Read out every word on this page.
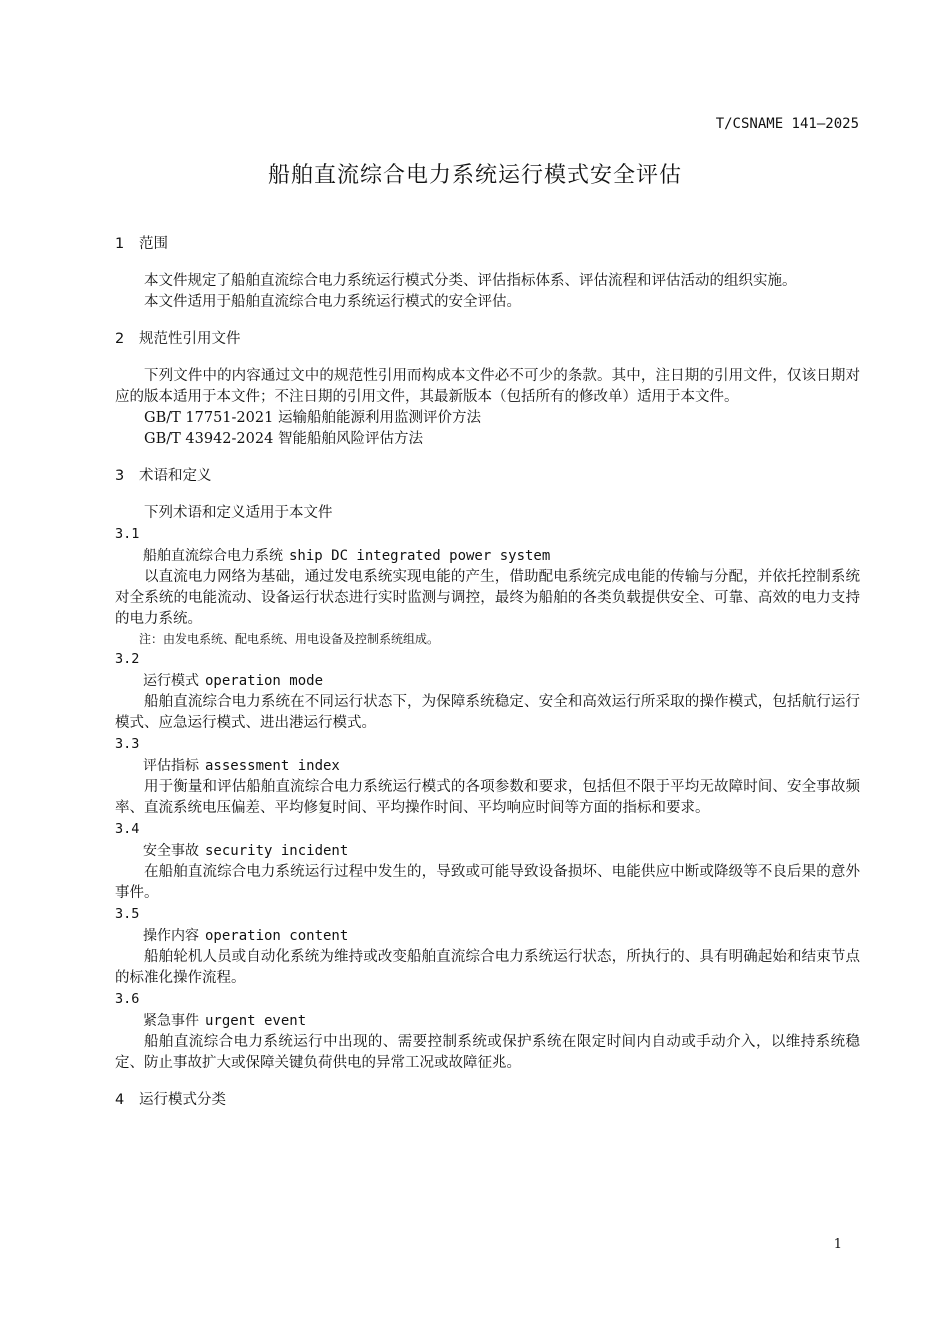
T/CSNAME 141—2025
船舶直流综合电力系统运行模式安全评估

1 范围

本文件规定了船舶直流综合电力系统运行模式分类、评估指标体系、评估流程和评估活动的组织实施。

本文件适用于船舶直流综合电力系统运行模式的安全评估。

2 规范性引用文件

下列文件中的内容通过文中的规范性引用而构成本文件必不可少的条款。其中，注日期的引用文件，仅该日期对应的版本适用于本文件；不注日期的引用文件，其最新版本（包括所有的修改单）适用于本文件。

GB/T 17751-2021 运输船舶能源利用监测评价方法

GB/T 43942-2024 智能船舶风险评估方法

3 术语和定义

下列术语和定义适用于本文件

3.1

船舶直流综合电力系统 ship DC integrated power system

以直流电力网络为基础，通过发电系统实现电能的产生，借助配电系统完成电能的传输与分配，并依托控制系统对全系统的电能流动、设备运行状态进行实时监测与调控，最终为船舶的各类负载提供安全、可靠、高效的电力支持的电力系统。

注：由发电系统、配电系统、用电设备及控制系统组成。

3.2

运行模式 operation mode

船舶直流综合电力系统在不同运行状态下，为保障系统稳定、安全和高效运行所采取的操作模式，包括航行运行模式、应急运行模式、进出港运行模式。

3.3

评估指标 assessment index

用于衡量和评估船舶直流综合电力系统运行模式的各项参数和要求，包括但不限于平均无故障时间、安全事故频率、直流系统电压偏差、平均修复时间、平均操作时间、平均响应时间等方面的指标和要求。

3.4

安全事故 security incident

在船舶直流综合电力系统运行过程中发生的，导致或可能导致设备损坏、电能供应中断或降级等不良后果的意外事件。

3.5

操作内容 operation content

船舶轮机人员或自动化系统为维持或改变船舶直流综合电力系统运行状态，所执行的、具有明确起始和结束节点的标准化操作流程。

3.6

紧急事件 urgent event

船舶直流综合电力系统运行中出现的、需要控制系统或保护系统在限定时间内自动或手动介入，以维持系统稳定、防止事故扩大或保障关键负荷供电的异常工况或故障征兆。

4 运行模式分类

1
